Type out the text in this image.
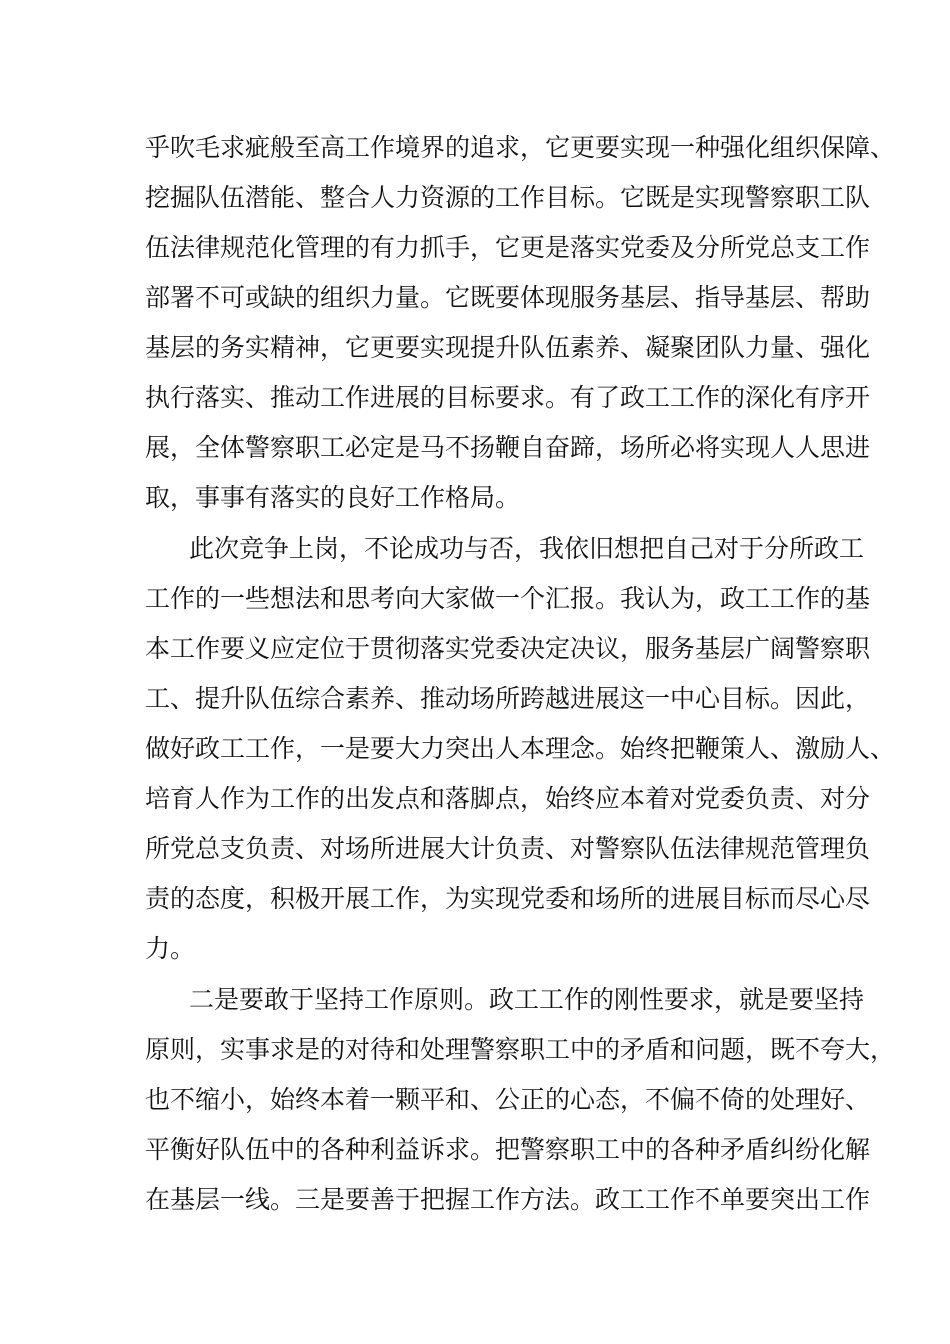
乎吹毛求疵般至高工作境界的追求，它更要实现一种强化组织保障、
挖掘队伍潜能、整合人力资源的工作目标。它既是实现警察职工队
伍法律规范化管理的有力抓手，它更是落实党委及分所党总支工作
部署不可或缺的组织力量。它既要体现服务基层、指导基层、帮助
基层的务实精神，它更要实现提升队伍素养、凝聚团队力量、强化
执行落实、推动工作进展的目标要求。有了政工工作的深化有序开
展，全体警察职工必定是马不扬鞭自奋蹄，场所必将实现人人思进
取，事事有落实的良好工作格局。
此次竞争上岗，不论成功与否，我依旧想把自己对于分所政工
工作的一些想法和思考向大家做一个汇报。我认为，政工工作的基
本工作要义应定位于贯彻落实党委决定决议，服务基层广阔警察职
工、提升队伍综合素养、推动场所跨越进展这一中心目标。因此，
做好政工工作，一是要大力突出人本理念。始终把鞭策人、激励人、
培育人作为工作的出发点和落脚点，始终应本着对党委负责、对分
所党总支负责、对场所进展大计负责、对警察队伍法律规范管理负
责的态度，积极开展工作，为实现党委和场所的进展目标而尽心尽
力。
二是要敢于坚持工作原则。政工工作的刚性要求，就是要坚持
原则，实事求是的对待和处理警察职工中的矛盾和问题，既不夸大，
也不缩小，始终本着一颗平和、公正的心态，不偏不倚的处理好、
平衡好队伍中的各种利益诉求。把警察职工中的各种矛盾纠纷化解
在基层一线。三是要善于把握工作方法。政工工作不单要突出工作
